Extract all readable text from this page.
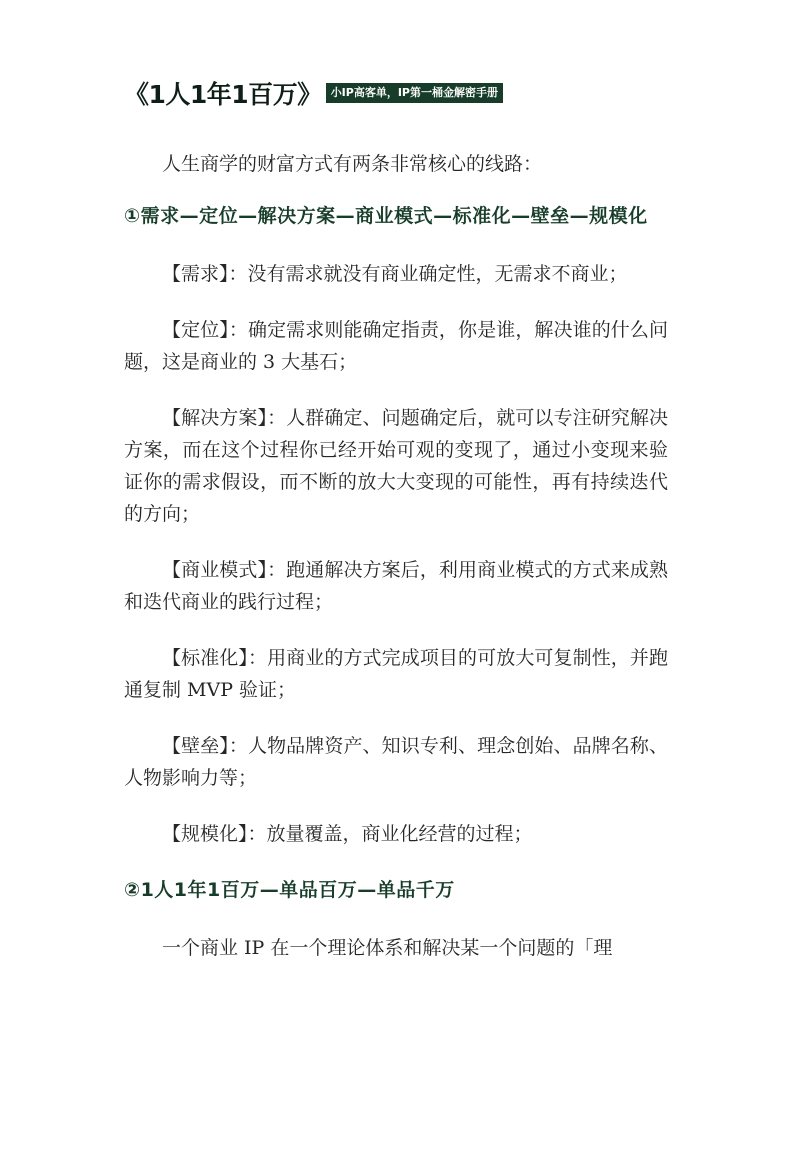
《1人1年1百万》 小IP高客单，IP第一桶金解密手册

人生商学的财富方式有两条非常核心的线路：

①需求—定位—解决方案—商业模式—标准化—壁垒—规模化

【需求】：没有需求就没有商业确定性，无需求不商业；

【定位】：确定需求则能确定指责，你是谁，解决谁的什么问题，这是商业的 3 大基石；

【解决方案】：人群确定、问题确定后，就可以专注研究解决方案，而在这个过程你已经开始可观的变现了，通过小变现来验证你的需求假设，而不断的放大大变现的可能性，再有持续迭代的方向；

【商业模式】：跑通解决方案后，利用商业模式的方式来成熟和迭代商业的践行过程；

【标准化】：用商业的方式完成项目的可放大可复制性，并跑通复制 MVP 验证；

【壁垒】：人物品牌资产、知识专利、理念创始、品牌名称、人物影响力等；

【规模化】：放量覆盖，商业化经营的过程；

②1人1年1百万—单品百万—单品千万

一个商业 IP 在一个理论体系和解决某一个问题的「理
